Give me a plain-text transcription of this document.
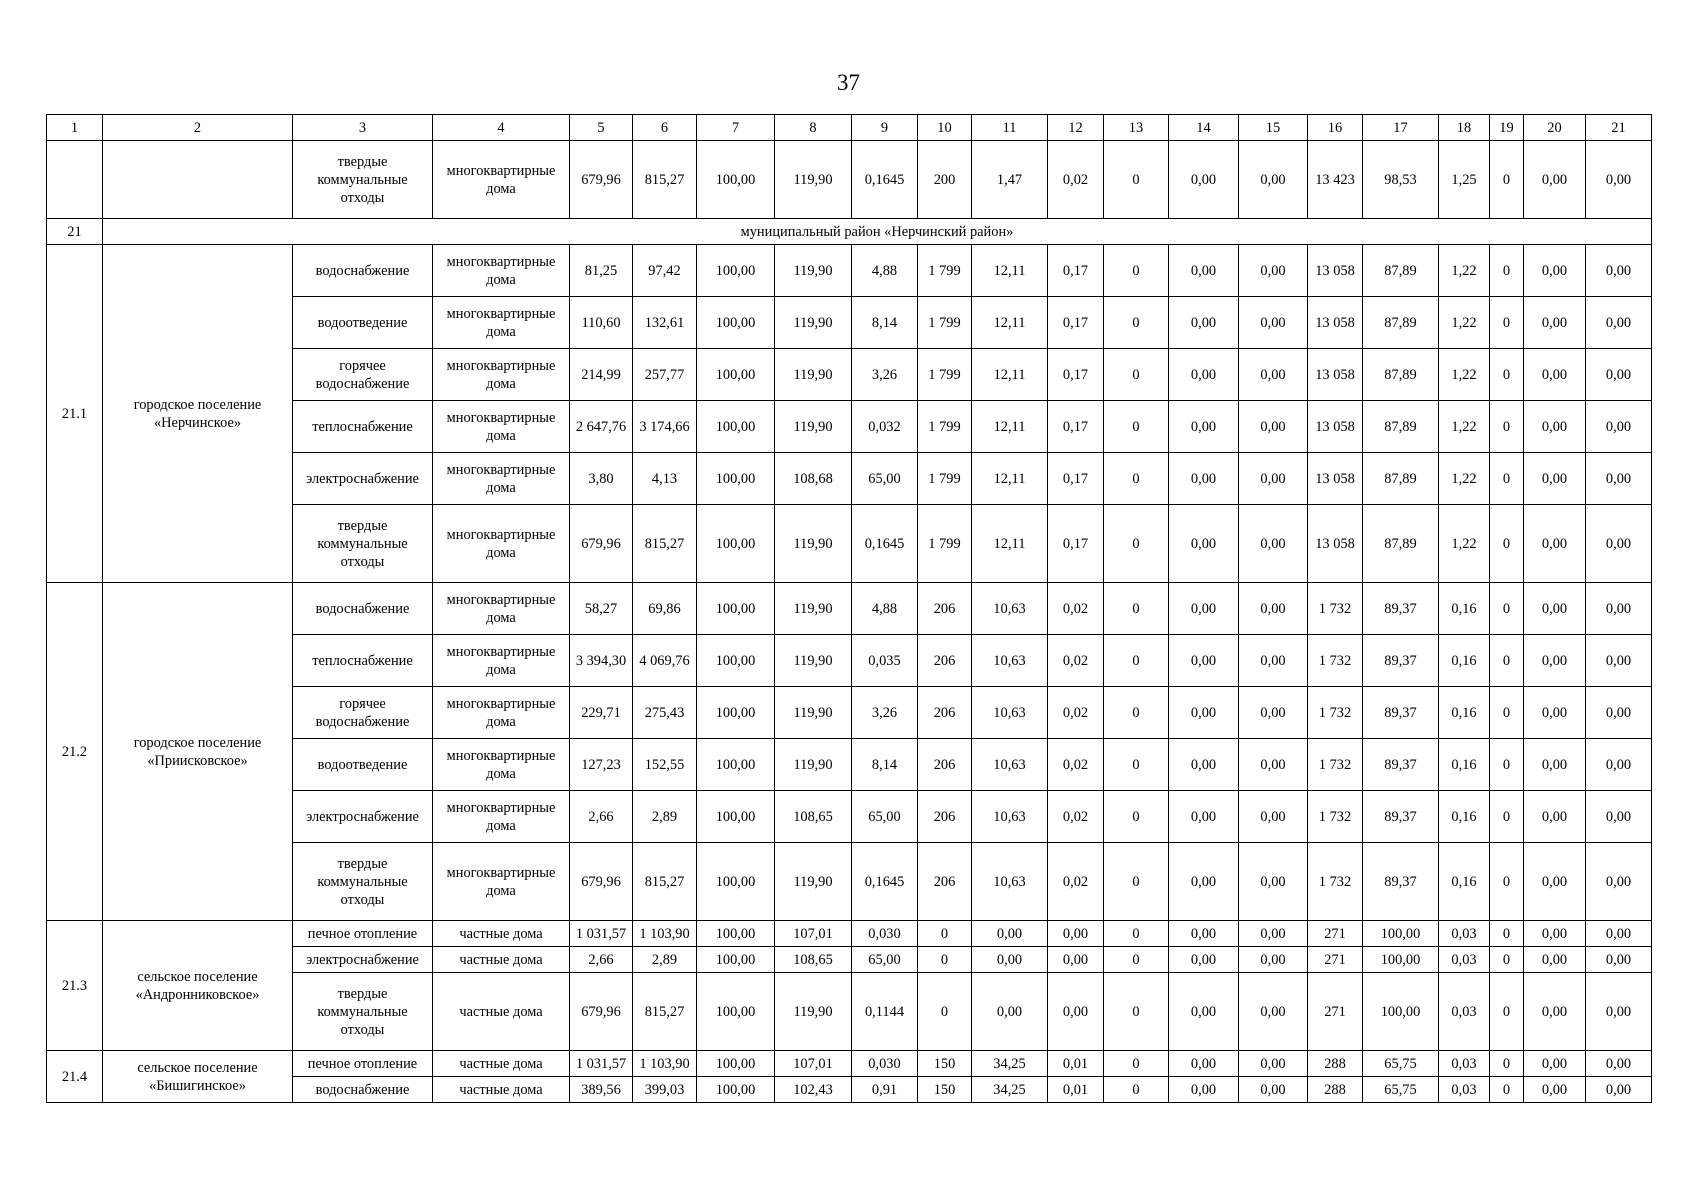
37
1	2	3	4	5	6	7	8	9	10	11	12	13	14	15	16	17	18	19	20	21
		твердые коммунальные отходы	многоквартирные дома	679,96	815,27	100,00	119,90	0,1645	200	1,47	0,02	0	0,00	0,00	13 423	98,53	1,25	0	0,00	0,00
21	муниципальный район «Нерчинский район»																			
21.1	городское поселение «Нерчинское»	водоснабжение	многоквартирные дома	81,25	97,42	100,00	119,90	4,88	1 799	12,11	0,17	0	0,00	0,00	13 058	87,89	1,22	0	0,00	0,00
		водоотведение	многоквартирные дома	110,60	132,61	100,00	119,90	8,14	1 799	12,11	0,17	0	0,00	0,00	13 058	87,89	1,22	0	0,00	0,00
		горячее водоснабжение	многоквартирные дома	214,99	257,77	100,00	119,90	3,26	1 799	12,11	0,17	0	0,00	0,00	13 058	87,89	1,22	0	0,00	0,00
		теплоснабжение	многоквартирные дома	2 647,76	3 174,66	100,00	119,90	0,032	1 799	12,11	0,17	0	0,00	0,00	13 058	87,89	1,22	0	0,00	0,00
		электроснабжение	многоквартирные дома	3,80	4,13	100,00	108,68	65,00	1 799	12,11	0,17	0	0,00	0,00	13 058	87,89	1,22	0	0,00	0,00
		твердые коммунальные отходы	многоквартирные дома	679,96	815,27	100,00	119,90	0,1645	1 799	12,11	0,17	0	0,00	0,00	13 058	87,89	1,22	0	0,00	0,00
21.2	городское поселение «Приисковское»	водоснабжение	многоквартирные дома	58,27	69,86	100,00	119,90	4,88	206	10,63	0,02	0	0,00	0,00	1 732	89,37	0,16	0	0,00	0,00
		теплоснабжение	многоквартирные дома	3 394,30	4 069,76	100,00	119,90	0,035	206	10,63	0,02	0	0,00	0,00	1 732	89,37	0,16	0	0,00	0,00
		горячее водоснабжение	многоквартирные дома	229,71	275,43	100,00	119,90	3,26	206	10,63	0,02	0	0,00	0,00	1 732	89,37	0,16	0	0,00	0,00
		водоотведение	многоквартирные дома	127,23	152,55	100,00	119,90	8,14	206	10,63	0,02	0	0,00	0,00	1 732	89,37	0,16	0	0,00	0,00
		электроснабжение	многоквартирные дома	2,66	2,89	100,00	108,65	65,00	206	10,63	0,02	0	0,00	0,00	1 732	89,37	0,16	0	0,00	0,00
		твердые коммунальные отходы	многоквартирные дома	679,96	815,27	100,00	119,90	0,1645	206	10,63	0,02	0	0,00	0,00	1 732	89,37	0,16	0	0,00	0,00
21.3	сельское поселение «Андронниковское»	печное отопление	частные дома	1 031,57	1 103,90	100,00	107,01	0,030	0	0,00	0,00	0	0,00	0,00	271	100,00	0,03	0	0,00	0,00
		электроснабжение	частные дома	2,66	2,89	100,00	108,65	65,00	0	0,00	0,00	0	0,00	0,00	271	100,00	0,03	0	0,00	0,00
		твердые коммунальные отходы	частные дома	679,96	815,27	100,00	119,90	0,1144	0	0,00	0,00	0	0,00	0,00	271	100,00	0,03	0	0,00	0,00
21.4	сельское поселение «Бишигинское»	печное отопление	частные дома	1 031,57	1 103,90	100,00	107,01	0,030	150	34,25	0,01	0	0,00	0,00	288	65,75	0,03	0	0,00	0,00
		водоснабжение	частные дома	389,56	399,03	100,00	102,43	0,91	150	34,25	0,01	0	0,00	0,00	288	65,75	0,03	0	0,00	0,00
